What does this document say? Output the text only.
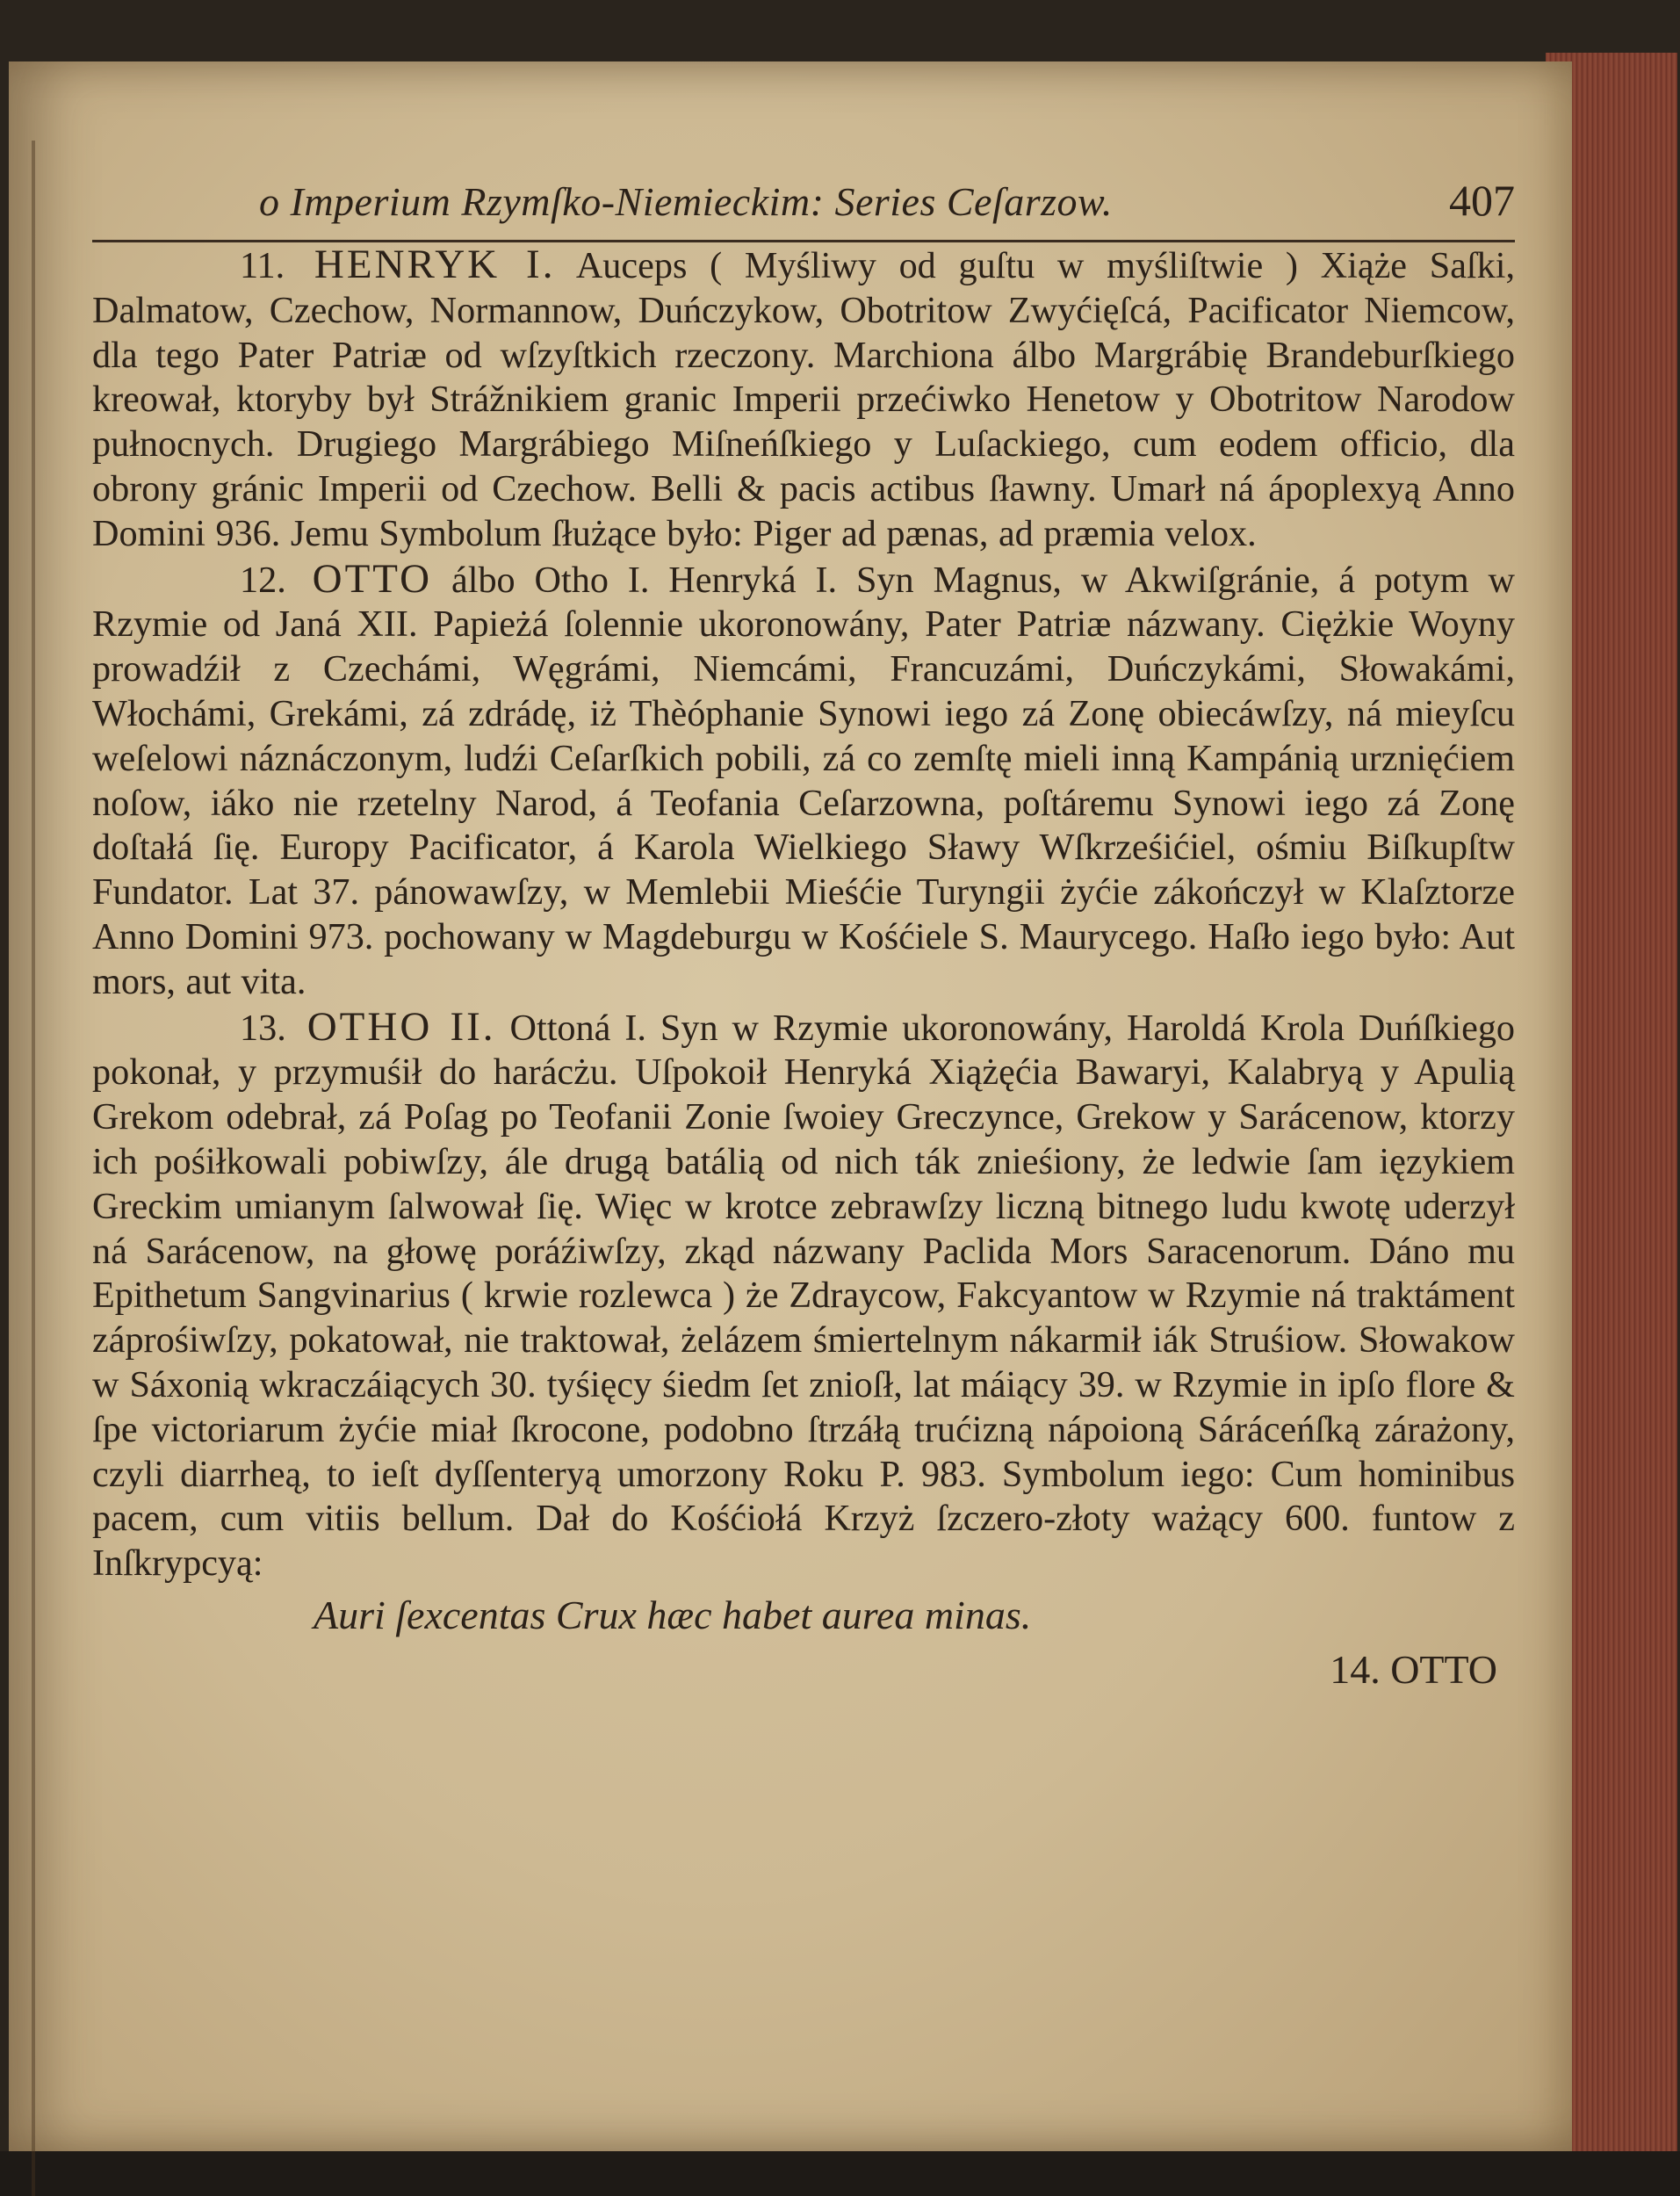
o Imperium Rzymſko-Niemieckim: Series Ceſarzow.	407

11. HENRYK I. Auceps ( Myśliwy od guſtu w myśliſtwie ) Xiąże Saſki, Dalmatow, Czechow, Normannow, Duńczykow, Obotritow Zwyćięſcá, Pacificator Niemcow, dla tego Pater Patriæ od wſzyſtkich rzeczony. Marchiona álbo Margrábię Brandeburſkiego kreował, ktoryby był Strážnikiem granic Imperii przećiwko Henetow y Obotritow Narodow pułnocnych. Drugiego Margrábiego Miſneńſkiego y Luſackiego, cum eodem officio, dla obrony gránic Imperii od Czechow. Belli & pacis actibus ſławny. Umarł ná ápoplexyą Anno Domini 936. Jemu Symbolum ſłużące było: Piger ad pænas, ad præmia velox.

12. OTTO álbo Otho I. Henryká I. Syn Magnus, w Akwiſgránie, á potym w Rzymie od Janá XII. Papieżá ſolennie ukoronowány, Pater Patriæ názwany. Ciężkie Woyny prowadźił z Czechámi, Węgrámi, Niemcámi, Francuzámi, Duńczykámi, Słowakámi, Włochámi, Grekámi, zá zdrádę, iż Thèóphanie Synowi iego zá Zonę obiecáwſzy, ná mieyſcu weſelowi náznáczonym, ludźi Ceſarſkich pobili, zá co zemſtę mieli inną Kampánią urznięćiem noſow, iáko nie rzetelny Narod, á Teofania Ceſarzowna, poſtáremu Synowi iego zá Zonę doſtałá ſię. Europy Pacificator, á Karola Wielkiego Sławy Wſkrześićiel, ośmiu Biſkupſtw Fundator. Lat 37. pánowawſzy, w Memlebii Mieśćie Turyngii żyćie zákończył w Klaſztorze Anno Domini 973. pochowany w Magdeburgu w Kośćiele S. Maurycego. Haſło iego było: Aut mors, aut vita.

13. OTHO II. Ottoná I. Syn w Rzymie ukoronowány, Haroldá Krola Duńſkiego pokonał, y przymuśił do harácżu. Uſpokoił Henryká Xiążęćia Bawaryi, Kalabryą y Apulią Grekom odebrał, zá Poſag po Teofanii Zonie ſwoiey Greczynce, Grekow y Sarácenow, ktorzy ich pośiłkowali pobiwſzy, ále drugą batálią od nich ták znieśiony, że ledwie ſam ięzykiem Greckim umianym ſalwował ſię. Więc w krotce zebrawſzy liczną bitnego ludu kwotę uderzył ná Sarácenow, na głowę poráźiwſzy, zkąd názwany Paclida Mors Saracenorum. Dáno mu Epithetum Sangvinarius ( krwie rozlewca ) że Zdraycow, Fakcyantow w Rzymie ná traktáment záprośiwſzy, pokatował, nie traktował, żelázem śmiertelnym nákarmił iák Struśiow. Słowakow w Sáxonią wkraczáiących 30. tyśięcy śiedm ſet znioſł, lat máiący 39. w Rzymie in ipſo flore & ſpe victoriarum żyćie miał ſkrocone, podobno ſtrzáłą trućizną nápoioną Sáráceńſką zárażony, czyli diarrheą, to ieſt dyſſenteryą umorzony Roku P. 983. Symbolum iego: Cum hominibus pacem, cum vitiis bellum. Dał do Kośćiołá Krzyż ſzczero-złoty ważący 600. funtow z Inſkrypcyą:

Auri ſexcentas Crux hæc habet aurea minas.
14. OTTO
